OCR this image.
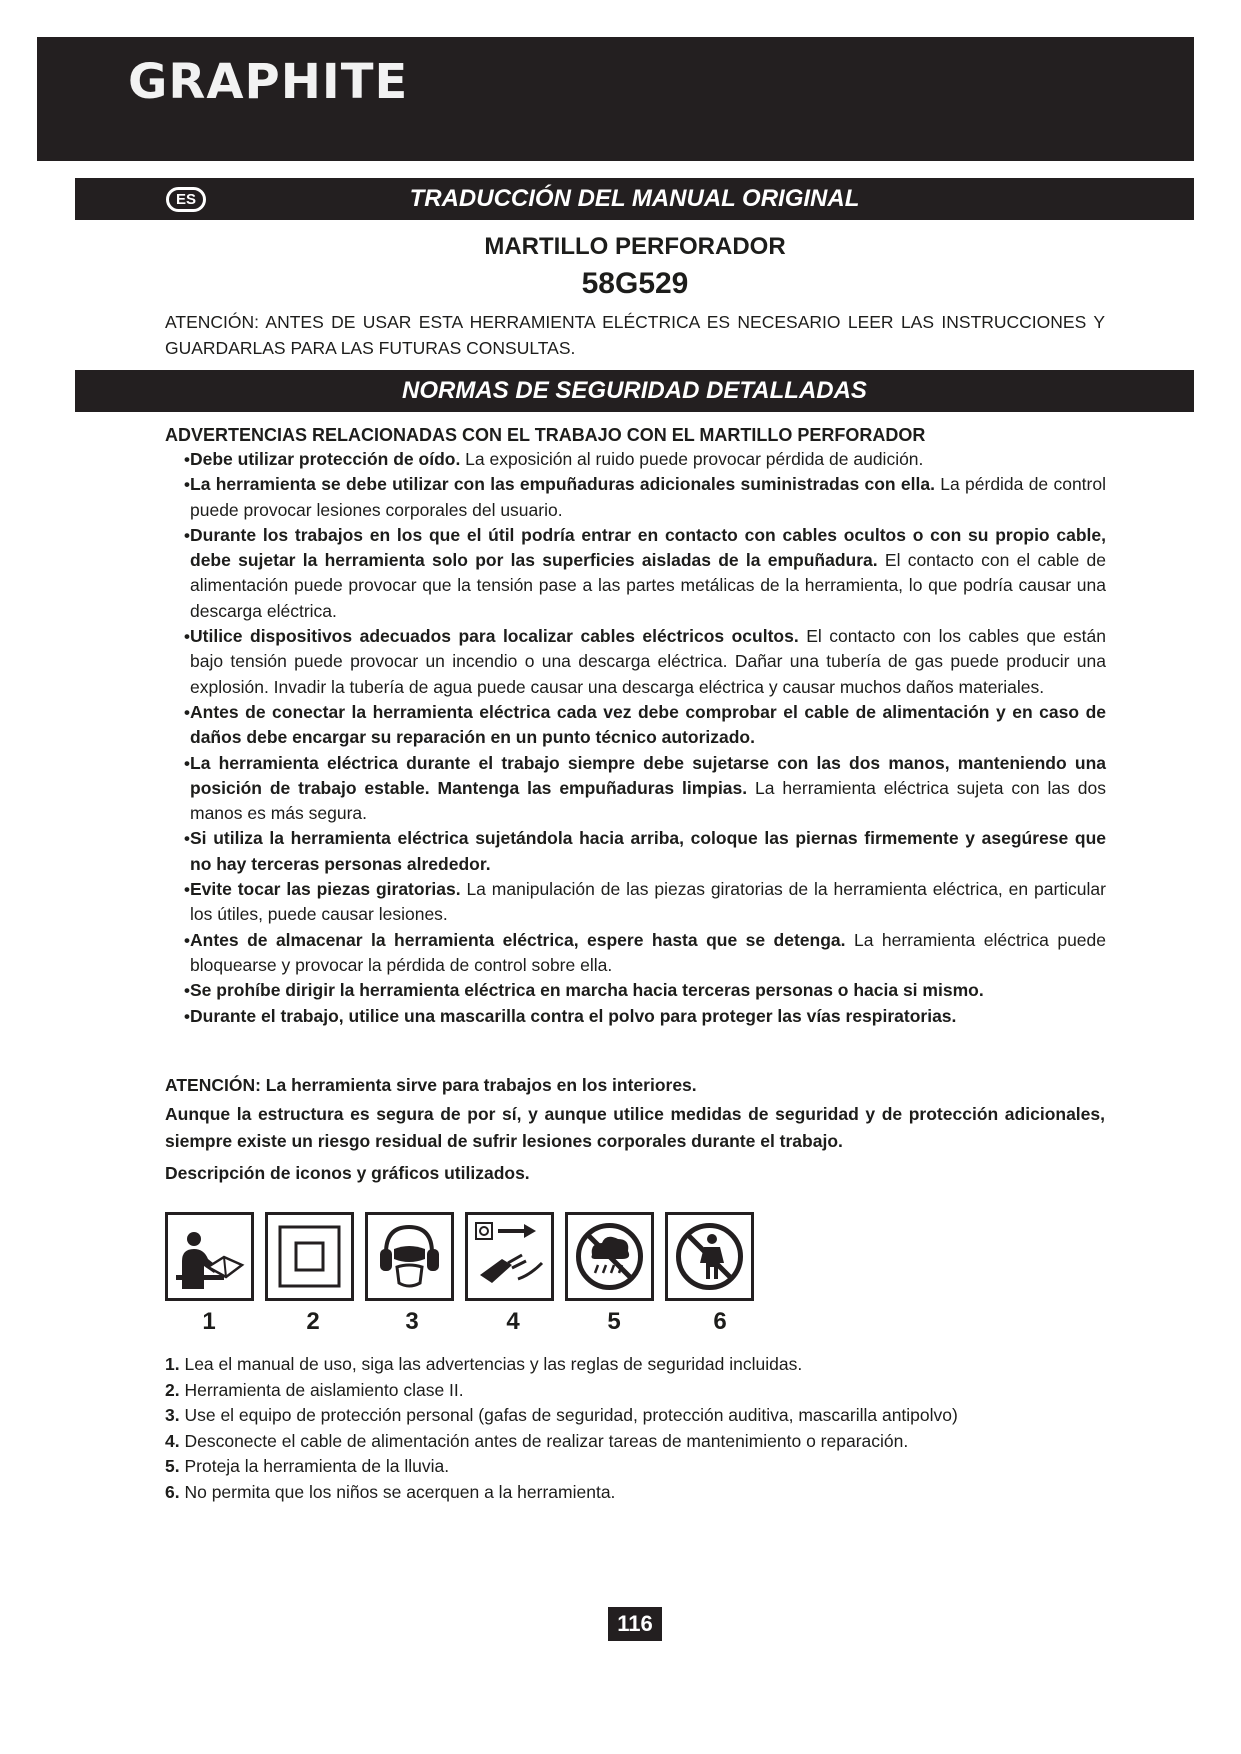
GRAPHITE
ES	TRADUCCIÓN DEL MANUAL ORIGINAL
MARTILLO PERFORADOR
58G529
ATENCIÓN: ANTES DE USAR ESTA HERRAMIENTA ELÉCTRICA ES NECESARIO LEER LAS INSTRUCCIONES Y GUARDARLAS PARA LAS FUTURAS CONSULTAS.
NORMAS DE SEGURIDAD DETALLADAS
ADVERTENCIAS RELACIONADAS CON EL TRABAJO CON EL MARTILLO PERFORADOR
• Debe utilizar protección de oído. La exposición al ruido puede provocar pérdida de audición.
• La herramienta se debe utilizar con las empuñaduras adicionales suministradas con ella. La pérdida de control puede provocar lesiones corporales del usuario.
• Durante los trabajos en los que el útil podría entrar en contacto con cables ocultos o con su propio cable, debe sujetar la herramienta solo por las superficies aisladas de la empuñadura. El contacto con el cable de alimentación puede provocar que la tensión pase a las partes metálicas de la herramienta, lo que podría causar una descarga eléctrica.
• Utilice dispositivos adecuados para localizar cables eléctricos ocultos. El contacto con los cables que están bajo tensión puede provocar un incendio o una descarga eléctrica. Dañar una tubería de gas puede producir una explosión. Invadir la tubería de agua puede causar una descarga eléctrica y causar muchos daños materiales.
• Antes de conectar la herramienta eléctrica cada vez debe comprobar el cable de alimentación y en caso de daños debe encargar su reparación en un punto técnico autorizado.
• La herramienta eléctrica durante el trabajo siempre debe sujetarse con las dos manos, manteniendo una posición de trabajo estable. Mantenga las empuñaduras limpias. La herramienta eléctrica sujeta con las dos manos es más segura.
• Si utiliza la herramienta eléctrica sujetándola hacia arriba, coloque las piernas firmemente y asegúrese que no hay terceras personas alrededor.
• Evite tocar las piezas giratorias. La manipulación de las piezas giratorias de la herramienta eléctrica, en particular los útiles, puede causar lesiones.
• Antes de almacenar la herramienta eléctrica, espere hasta que se detenga. La herramienta eléctrica puede bloquearse y provocar la pérdida de control sobre ella.
• Se prohíbe dirigir la herramienta eléctrica en marcha hacia terceras personas o hacia si mismo.
• Durante el trabajo, utilice una mascarilla contra el polvo para proteger las vías respiratorias.
ATENCIÓN: La herramienta sirve para trabajos en los interiores.
Aunque la estructura es segura de por sí, y aunque utilice medidas de seguridad y de protección adicionales, siempre existe un riesgo residual de sufrir lesiones corporales durante el trabajo.
Descripción de iconos y gráficos utilizados.
1	2	3	4	5	6
1. Lea el manual de uso, siga las advertencias y las reglas de seguridad incluidas.
2. Herramienta de aislamiento clase II.
3. Use el equipo de protección personal (gafas de seguridad, protección auditiva, mascarilla antipolvo)
4. Desconecte el cable de alimentación antes de realizar tareas de mantenimiento o reparación.
5. Proteja la herramienta de la lluvia.
6. No permita que los niños se acerquen a la herramienta.
116
